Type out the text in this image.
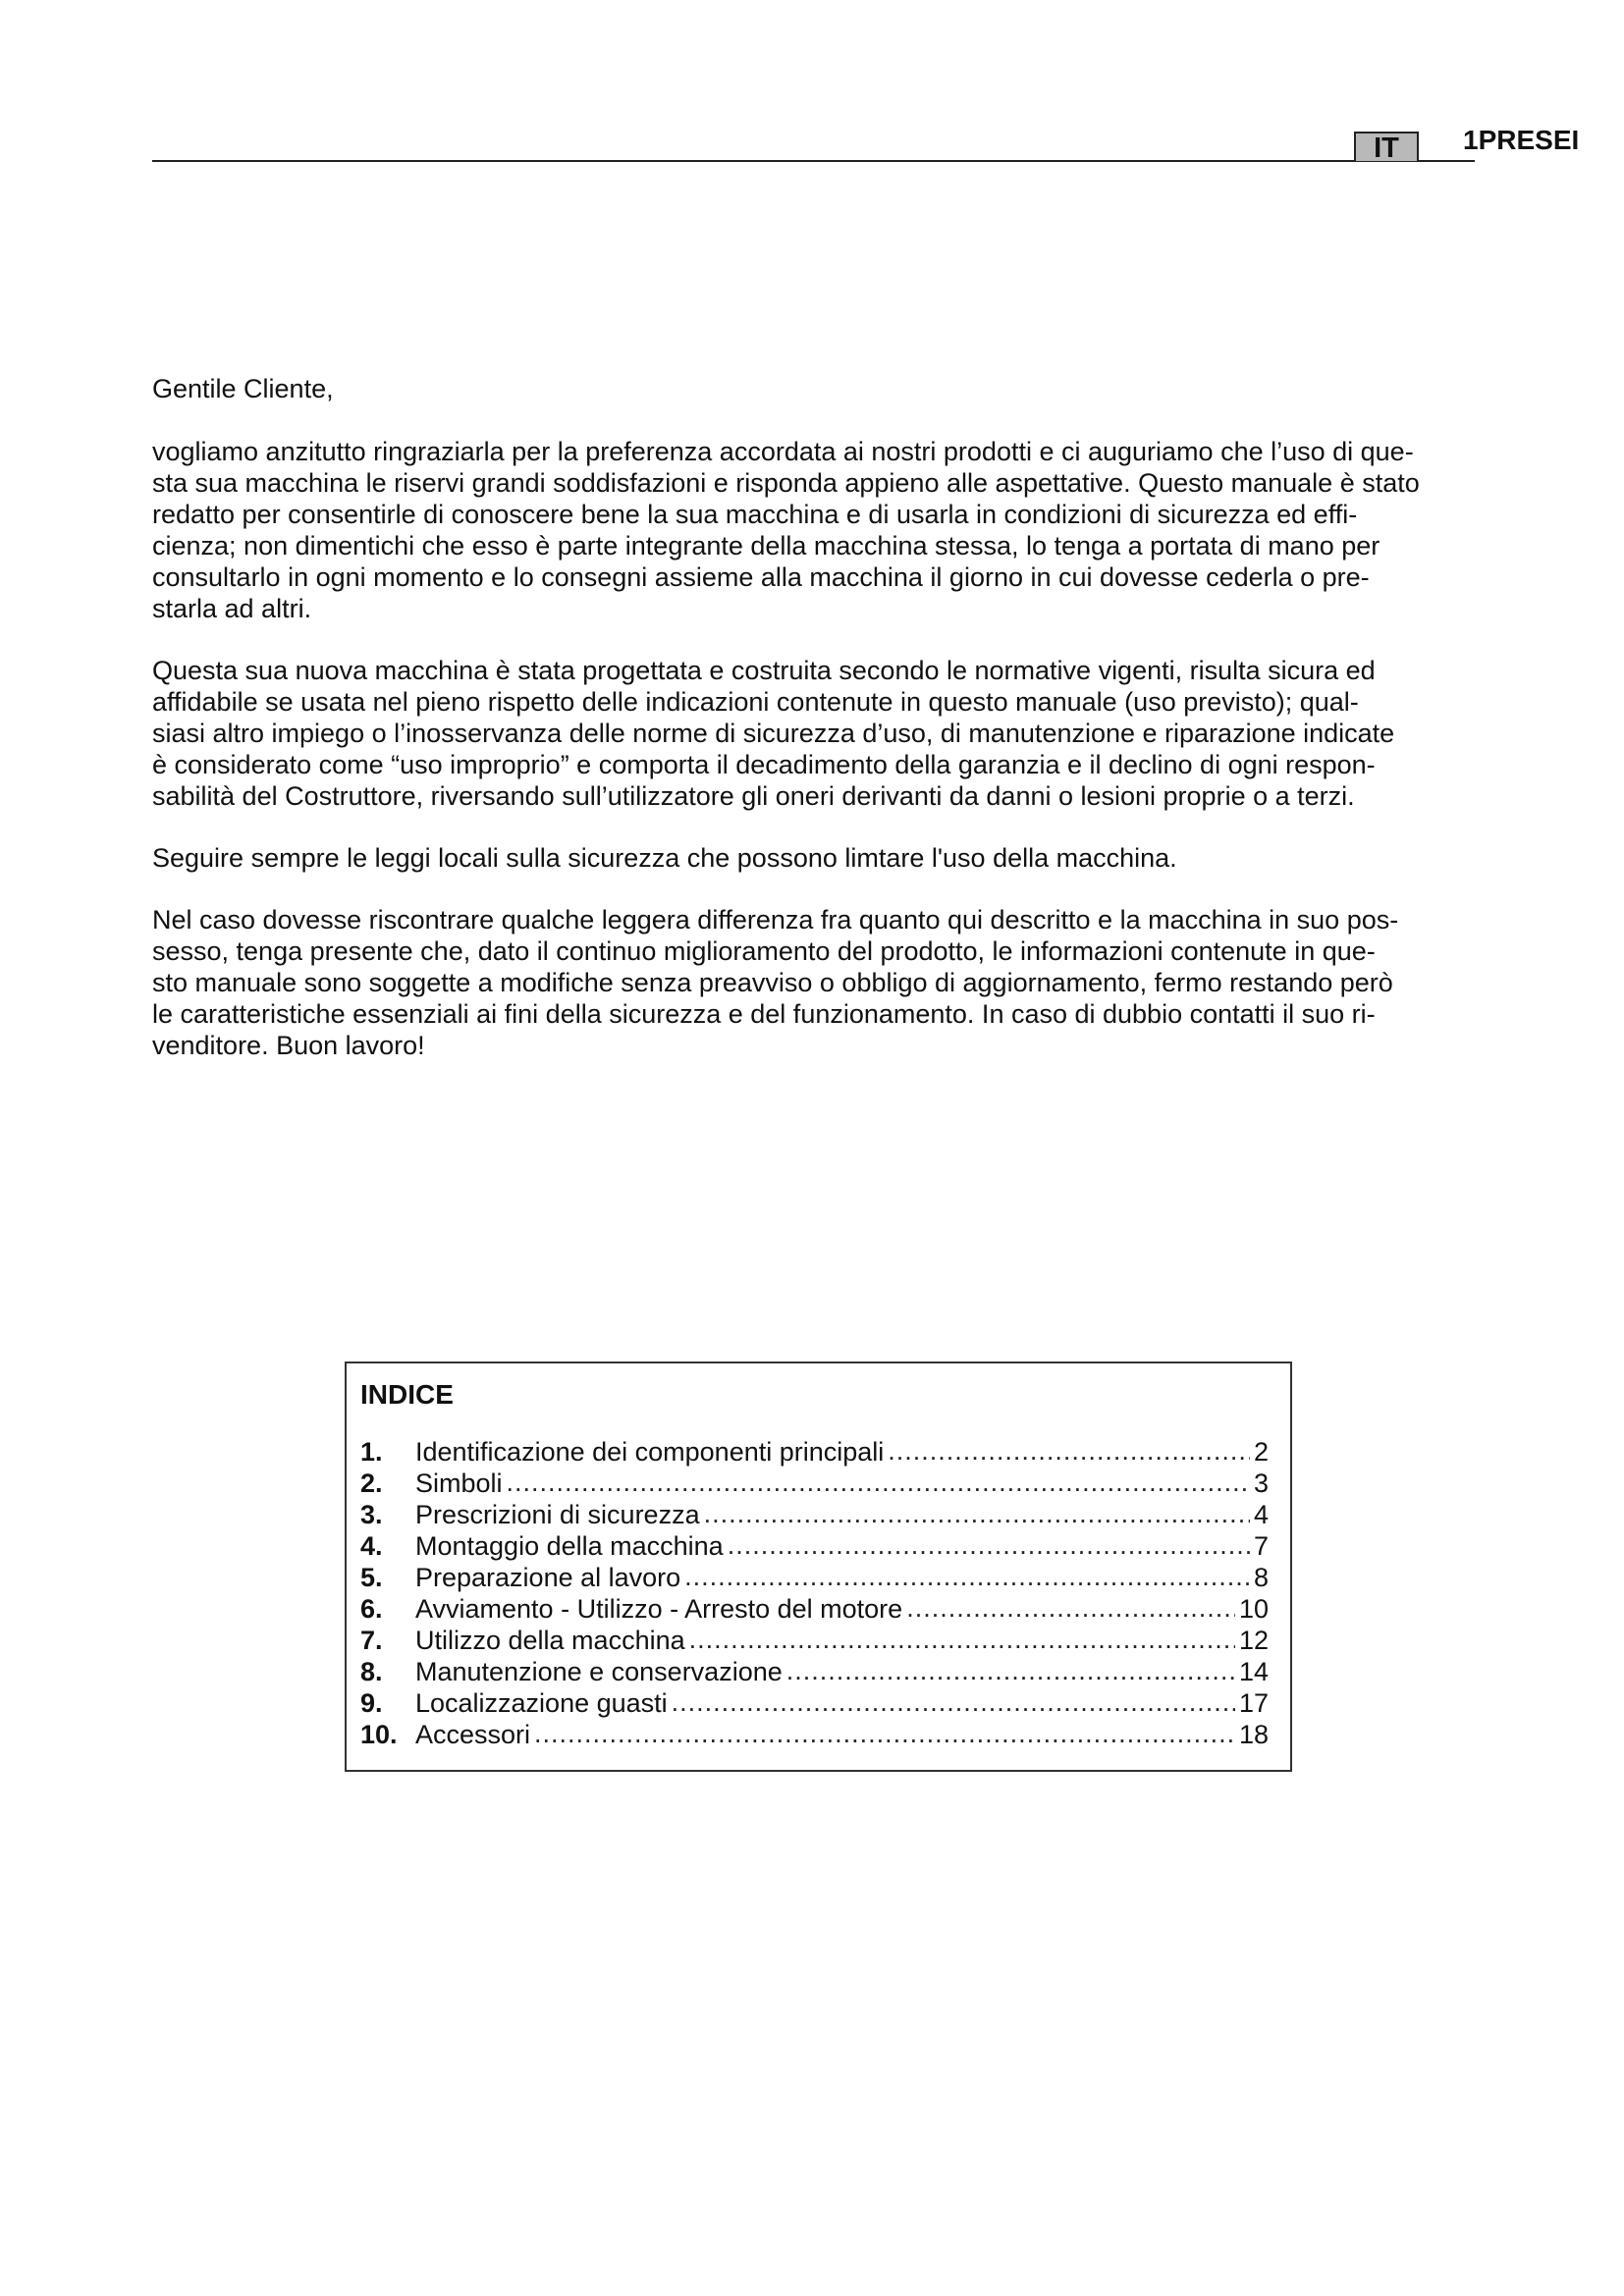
IT	1PRESEI

Gentile Cliente,

vogliamo anzitutto ringraziarla per la preferenza accordata ai nostri prodotti e ci auguriamo che l’uso di que-
sta sua macchina le riservi grandi soddisfazioni e risponda appieno alle aspettative. Questo manuale è stato
redatto per consentirle di conoscere bene la sua macchina e di usarla in condizioni di sicurezza ed effi-
cienza; non dimentichi che esso è parte integrante della macchina stessa, lo tenga a portata di mano per
consultarlo in ogni momento e lo consegni assieme alla macchina il giorno in cui dovesse cederla o pre-
starla ad altri.

Questa sua nuova macchina è stata progettata e costruita secondo le normative vigenti, risulta sicura ed
affidabile se usata nel pieno rispetto delle indicazioni contenute in questo manuale (uso previsto); qual-
siasi altro impiego o l’inosservanza delle norme di sicurezza d’uso, di manutenzione e riparazione indicate
è considerato come “uso improprio” e comporta il decadimento della garanzia e il declino di ogni respon-
sabilità del Costruttore, riversando sull’utilizzatore gli oneri derivanti da danni o lesioni proprie o a terzi.

Seguire sempre le leggi locali sulla sicurezza che possono limtare l'uso della macchina.

Nel caso dovesse riscontrare qualche leggera differenza fra quanto qui descritto e la macchina in suo pos-
sesso, tenga presente che, dato il continuo miglioramento del prodotto, le informazioni contenute in que-
sto manuale sono soggette a modifiche senza preavviso o obbligo di aggiornamento, fermo restando però
le caratteristiche essenziali ai fini della sicurezza e del funzionamento. In caso di dubbio contatti il suo ri-
venditore. Buon lavoro!

INDICE
1.	Identificazione dei componenti principali .....	2
2.	Simboli .....	3
3.	Prescrizioni di sicurezza .....	4
4.	Montaggio della macchina .....	7
5.	Preparazione al lavoro .....	8
6.	Avviamento - Utilizzo - Arresto del motore .....	10
7.	Utilizzo della macchina .....	12
8.	Manutenzione e conservazione .....	14
9.	Localizzazione guasti .....	17
10. Accessori .....	18
